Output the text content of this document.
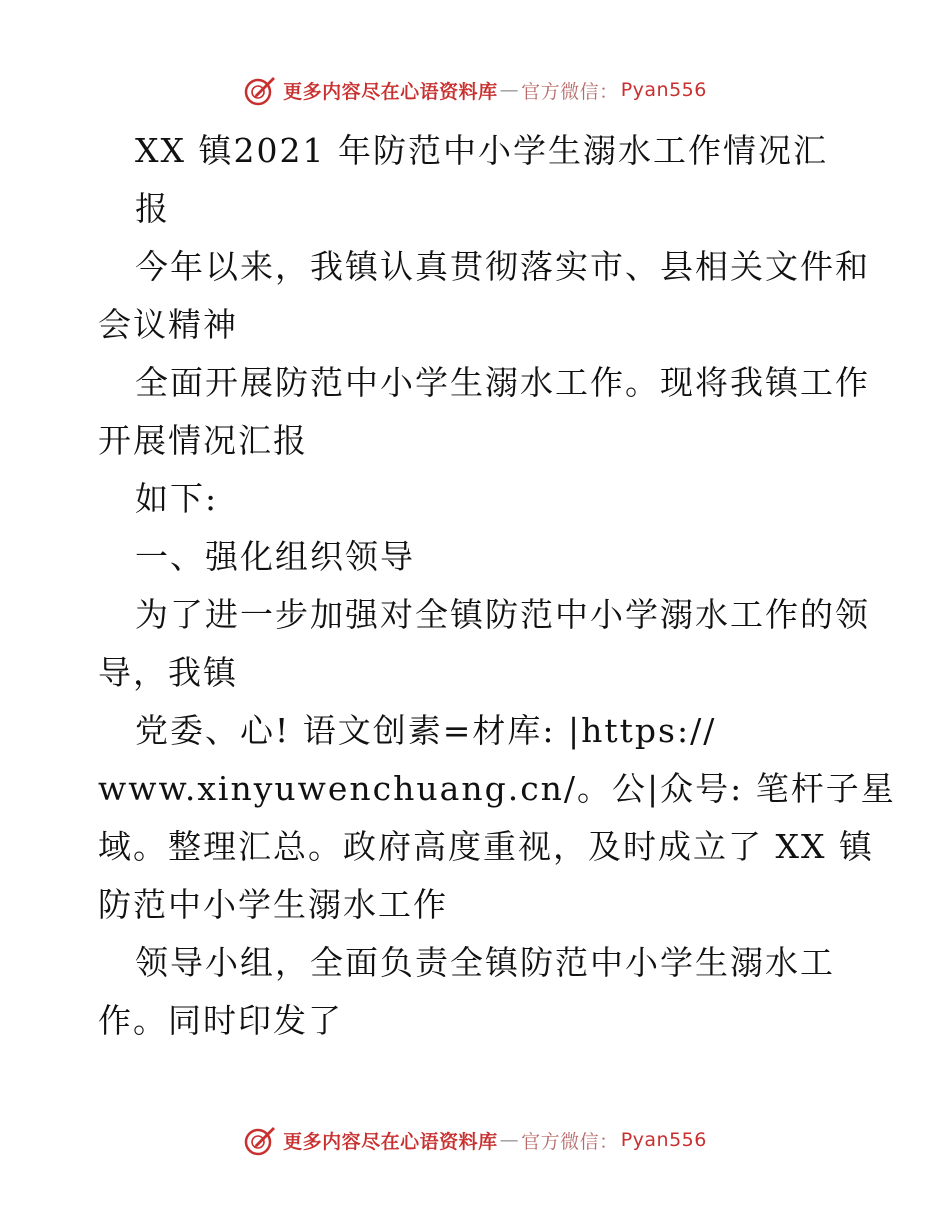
更多内容尽在心语资料库 — 官方微信： Pyan556
XX 镇2021 年防范中小学生溺水工作情况汇
报
今年以来，我镇认真贯彻落实市、县相关文件和
会议精神
全面开展防范中小学生溺水工作。现将我镇工作
开展情况汇报
如下:
一、强化组织领导
为了进一步加强对全镇防范中小学溺水工作的领
导，我镇
党委、心! 语文创素=材库: |https://
www.xinyuwenchuang.cn/。公|众号: 笔杆子星
域。整理汇总。政府高度重视，及时成立了 XX 镇
防范中小学生溺水工作
领导小组，全面负责全镇防范中小学生溺水工
作。同时印发了
更多内容尽在心语资料库 — 官方微信： Pyan556
